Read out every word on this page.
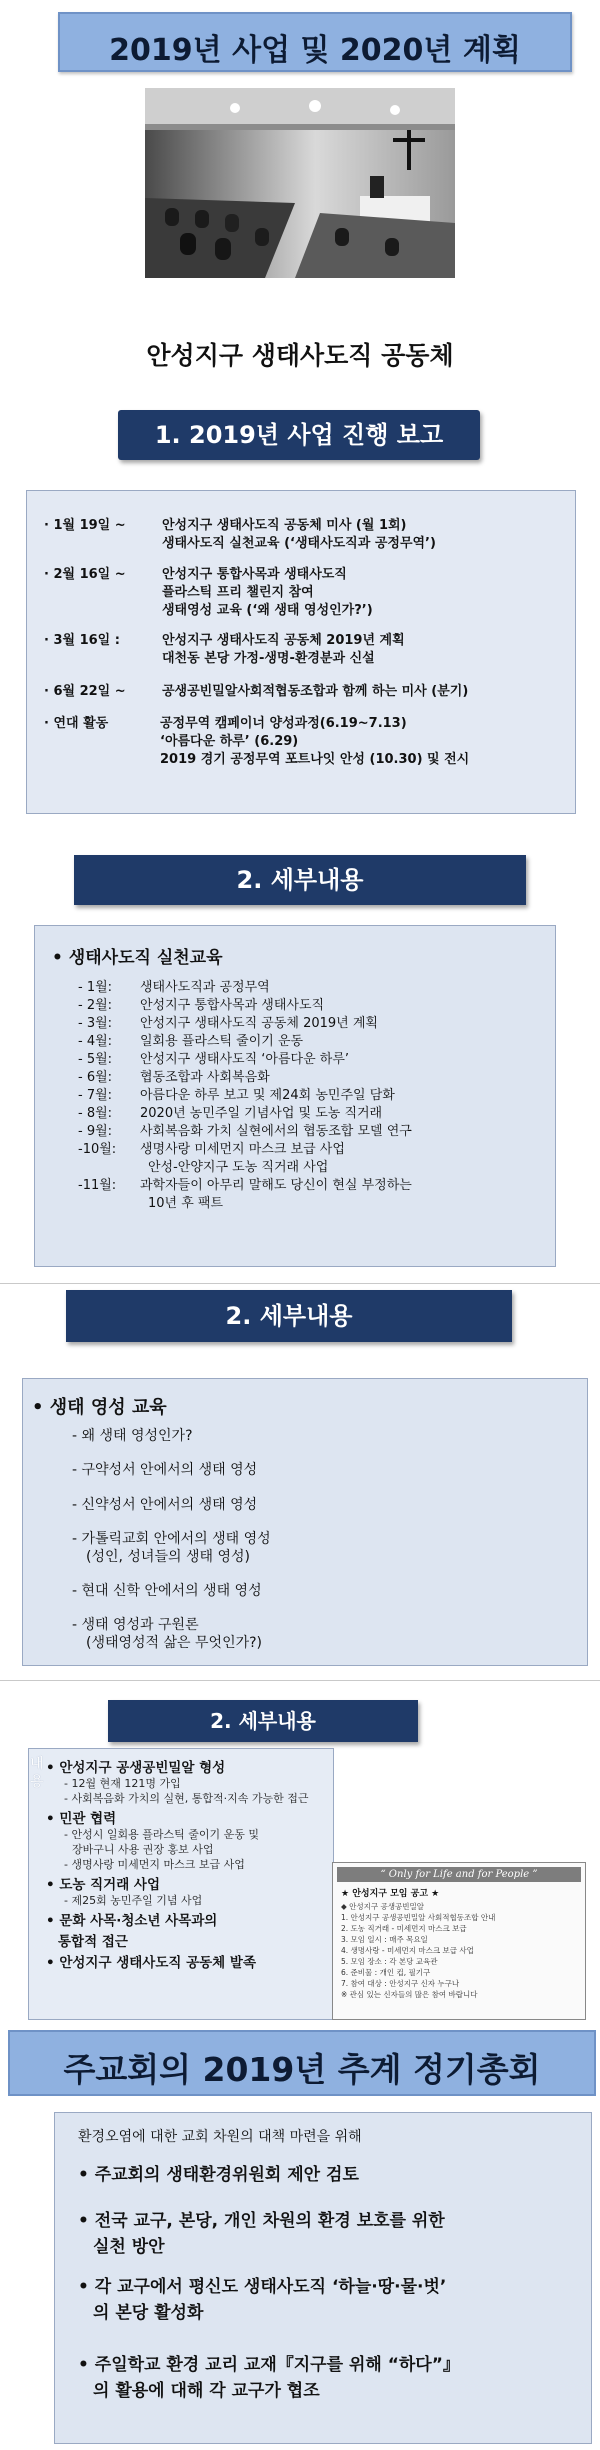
2019년 사업 및 2020년 계획
안성지구 생태사도직 공동체
1. 2019년 사업 진행 보고
· 1월 19일 ~	안성지구 생태사도직 공동체 미사 (월 1회)
생태사도직 실천교육 (‘생태사도직과 공정무역’)
· 2월 16일 ~	안성지구 통합사목과 생태사도직
플라스틱 프리 챌린지 참여
생태영성 교육 (‘왜 생태 영성인가?’)
· 3월 16일 :	안성지구 생태사도직 공동체 2019년 계획
대천동 본당 가정-생명-환경분과 신설
· 6월 22일 ~	공생공빈밀알사회적협동조합과 함께 하는 미사 (분기)
· 연대 활동	공정무역 캠페이너 양성과정(6.19~7.13)
‘아름다운 하루’ (6.29)
2019 경기 공정무역 포트나잇 안성 (10.30) 및 전시
2. 세부내용
• 생태사도직 실천교육
- 1월: 생태사도직과 공정무역
- 2월: 안성지구 통합사목과 생태사도직
- 3월: 안성지구 생태사도직 공동체 2019년 계획
- 4월: 일회용 플라스틱 줄이기 운동
- 5월: 안성지구 생태사도직 ‘아름다운 하루’
- 6월: 협동조합과 사회복음화
- 7월: 아름다운 하루 보고 및 제24회 농민주일 담화
- 8월: 2020년 농민주일 기념사업 및 도농 직거래
- 9월: 사회복음화 가치 실현에서의 협동조합 모델 연구
-10월: 생명사랑 미세먼지 마스크 보급 사업
안성-안양지구 도농 직거래 사업
-11월: 과학자들이 아무리 말해도 당신이 현실 부정하는
10년 후 팩트
2. 세부내용
• 생태 영성 교육
- 왜 생태 영성인가?
- 구약성서 안에서의 생태 영성
- 신약성서 안에서의 생태 영성
- 가톨릭교회 안에서의 생태 영성
(성인, 성녀들의 생태 영성)
- 현대 신학 안에서의 생태 영성
- 생태 영성과 구원론
(생태영성적 삶은 무엇인가?)
2. 세부내용
내용
• 안성지구 공생공빈밀알 형성
- 12월 현재 121명 가입
- 사회복음화 가치의 실현, 통합적·지속 가능한 접근
• 민관 협력
- 안성시 일회용 플라스틱 줄이기 운동 및
장바구니 사용 권장 홍보 사업
- 생명사랑 미세먼지 마스크 보급 사업
• 도농 직거래 사업
- 제25회 농민주일 기념 사업
• 문화 사목·청소년 사목과의
통합적 접근
• 안성지구 생태사도직 공동체 발족
“ Only for Life and for People ”
★ 안성지구 모임 공고 ★
◆ 안성지구 공생공빈밀알
1. 안성지구 공생공빈밀알 사회적협동조합 안내
2. 도농 직거래 - 미세먼지 마스크 보급
3. 모임 일시 : 매주 목요일
4. 생명사랑 - 미세먼지 마스크 보급 사업
5. 모임 장소 : 각 본당 교육관
6. 준비물 : 개인 컵, 필기구
7. 참여 대상 : 안성지구 신자 누구나
※ 관심 있는 신자들의 많은 참여 바랍니다
주교회의 2019년 추계 정기총회
환경오염에 대한 교회 차원의 대책 마련을 위해
• 주교회의 생태환경위원회 제안 검토
• 전국 교구, 본당, 개인 차원의 환경 보호를 위한
실천 방안
• 각 교구에서 평신도 생태사도직 ‘하늘·땅·물·벗’
의 본당 활성화
• 주일학교 환경 교리 교재『지구를 위해 “하다”』
의 활용에 대해 각 교구가 협조
